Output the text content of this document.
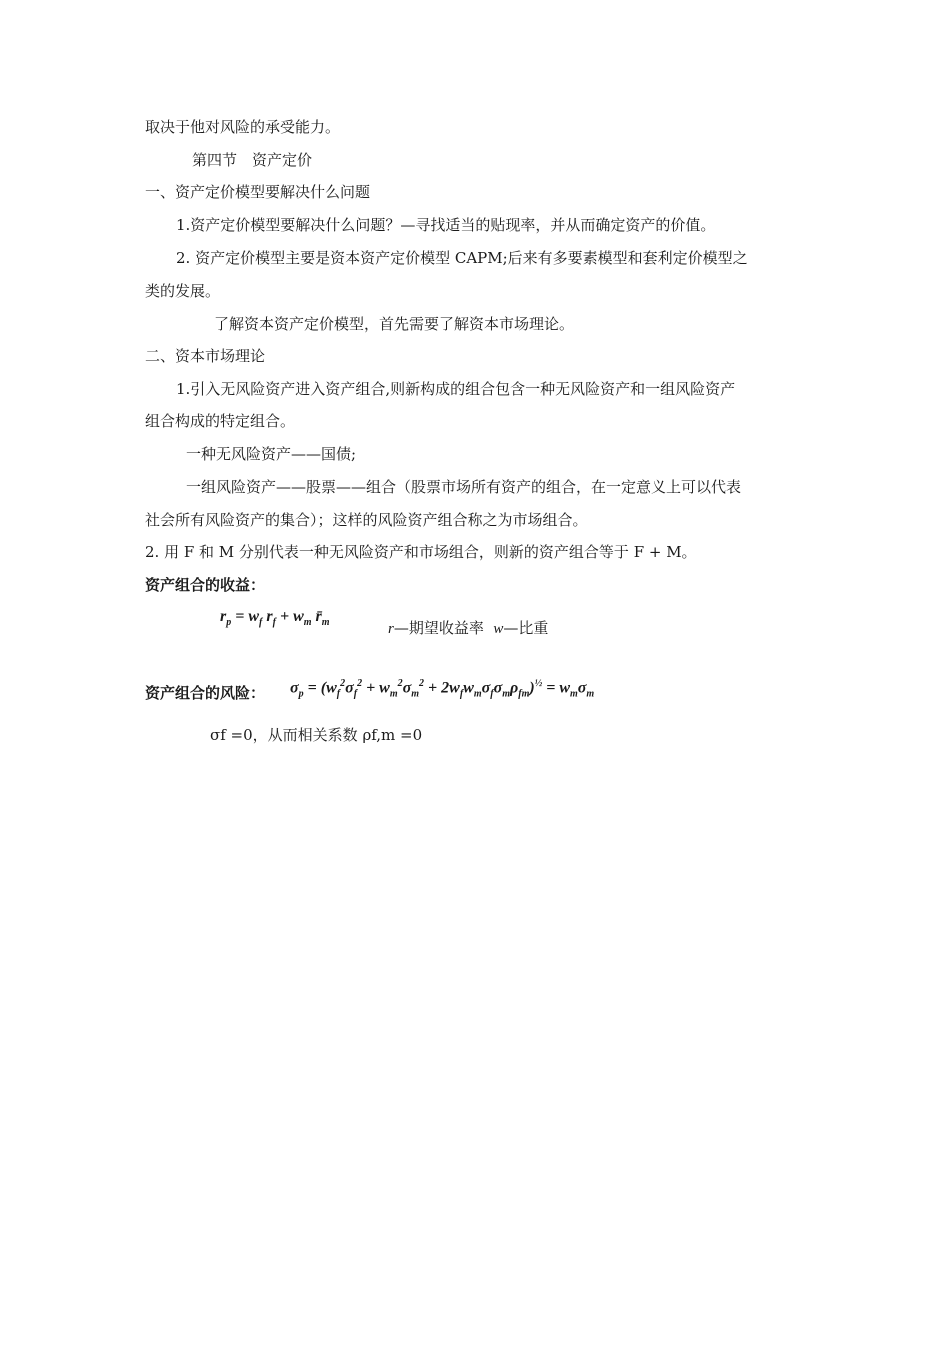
取决于他对风险的承受能力。
第四节　资产定价
一、资产定价模型要解决什么问题
1.资产定价模型要解决什么问题？—寻找适当的贴现率，并从而确定资产的价值。
2. 资产定价模型主要是资本资产定价模型 CAPM;后来有多要素模型和套利定价模型之
类的发展。
了解资本资产定价模型，首先需要了解资本市场理论。
二、资本市场理论
1.引入无风险资产进入资产组合,则新构成的组合包含一种无风险资产和一组风险资产
组合构成的特定组合。
一种无风险资产——国债;
一组风险资产——股票——组合（股票市场所有资产的组合，在一定意义上可以代表
社会所有风险资产的集合）；这样的风险资产组合称之为市场组合。
2. 用 F 和 M 分别代表一种无风险资产和市场组合，则新的资产组合等于 F + M。
资产组合的收益：
$r_p = w_f$ $r_f + w_m$ $r̄_m$	r—期望收益率 w—比重
资产组合的风险： $\sigma_p = (w_f^2\sigma_f^2 + w_m^2\sigma_m^2 + 2w_fw_m\sigma_f\sigma_m\rho_{fm})^{\frac{1}{2}} = w_m\sigma_m$
σf =0，从而相关系数 ρf,m =0
